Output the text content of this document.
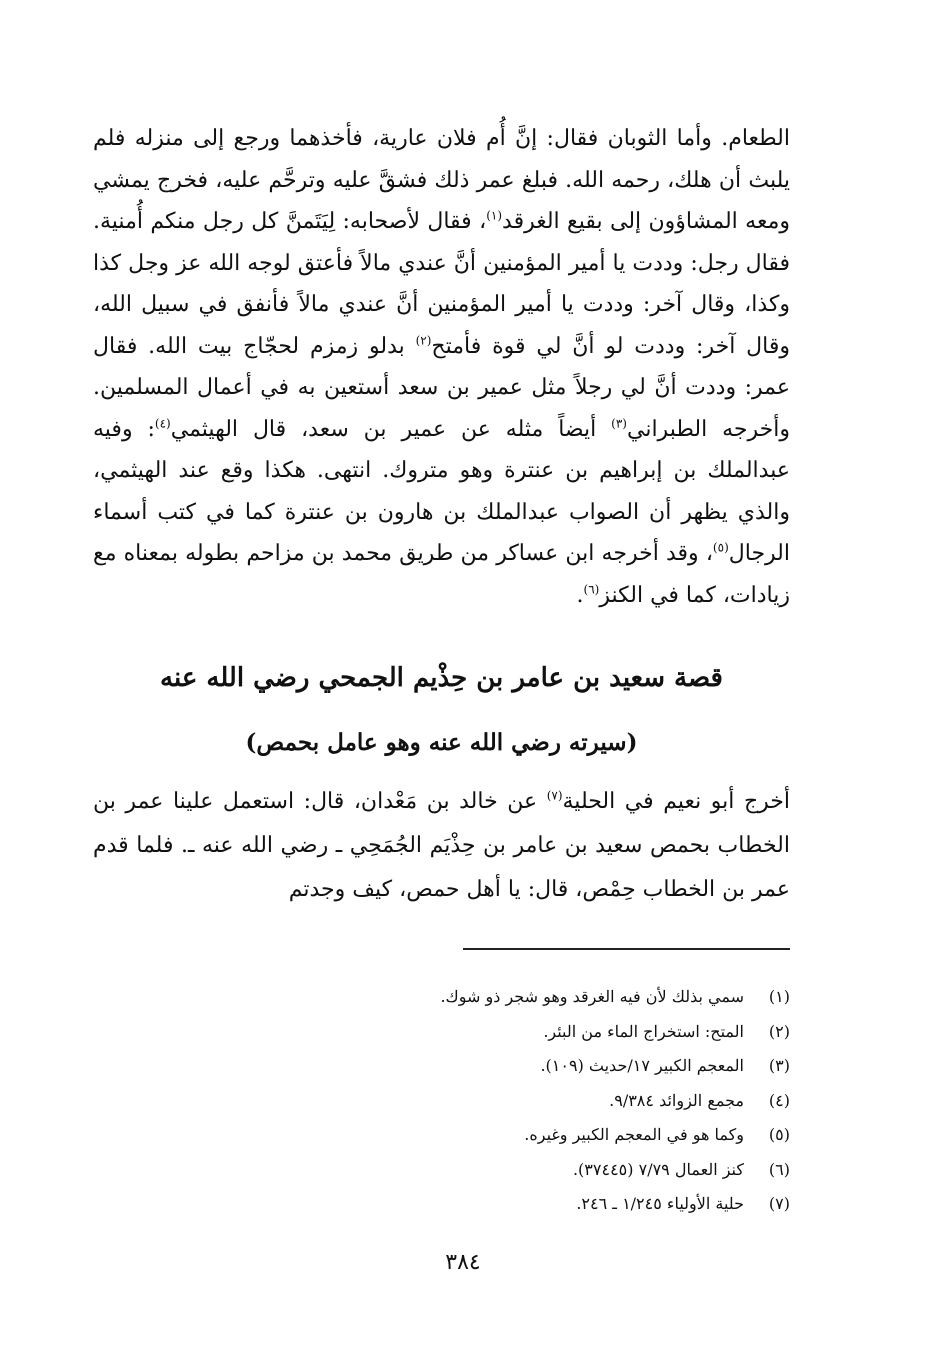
الطعام. وأما الثوبان فقال: إنَّ أُم فلان عارية، فأخذهما ورجع إلى منزله فلم يلبث أن هلك، رحمه الله. فبلغ عمر ذلك فشقَّ عليه وترحَّم عليه، فخرج يمشي ومعه المشاؤون إلى بقيع الغرقد$^{(١)}$، فقال لأصحابه: لِيَتَمنَّ كل رجل منكم أُمنية. فقال رجل: وددت يا أمير المؤمنين أنَّ عندي مالاً فأعتق لوجه الله عز وجل كذا وكذا، وقال آخر: وددت يا أمير المؤمنين أنَّ عندي مالاً فأنفق في سبيل الله، وقال آخر: وددت لو أنَّ لي قوة فأمتح$^{(٢)}$ بدلو زمزم لحجّاج بيت الله. فقال عمر: وددت أنَّ لي رجلاً مثل عمير بن سعد أستعين به في أعمال المسلمين. وأخرجه الطبراني$^{(٣)}$ أيضاً مثله عن عمير بن سعد، قال الهيثمي$^{(٤)}$: وفيه عبدالملك بن إبراهيم بن عنترة وهو متروك. انتهى. هكذا وقع عند الهيثمي، والذي يظهر أن الصواب عبدالملك بن هارون بن عنترة كما في كتب أسماء الرجال$^{(٥)}$، وقد أخرجه ابن عساكر من طريق محمد بن مزاحم بطوله بمعناه مع زيادات، كما في الكنز$^{(٦)}$.

قصة سعيد بن عامر بن حِذْيم الجمحي رضي الله عنه
(سيرته رضي الله عنه وهو عامل بحمص)

أخرج أبو نعيم في الحلية$^{(٧)}$ عن خالد بن مَعْدان، قال: استعمل علينا عمر بن الخطاب بحمص سعيد بن عامر بن حِذْيَم الجُمَحِي ـ رضي الله عنه ـ. فلما قدم عمر بن الخطاب حِمْص، قال: يا أهل حمص، كيف وجدتم

(١)
سمي بذلك لأن فيه الغرقد وهو شجر ذو شوك.
(٢)
المتح: استخراج الماء من البئر.
(٣)
المعجم الكبير ١٧/حديث (١٠٩).
(٤)
مجمع الزوائد ٩/٣٨٤.
(٥)
وكما هو في المعجم الكبير وغيره.
(٦)
كنز العمال ٧/٧٩ (٣٧٤٤٥).
(٧)
حلية الأولياء ١/٢٤٥ ـ ٢٤٦.
٣٨٤
